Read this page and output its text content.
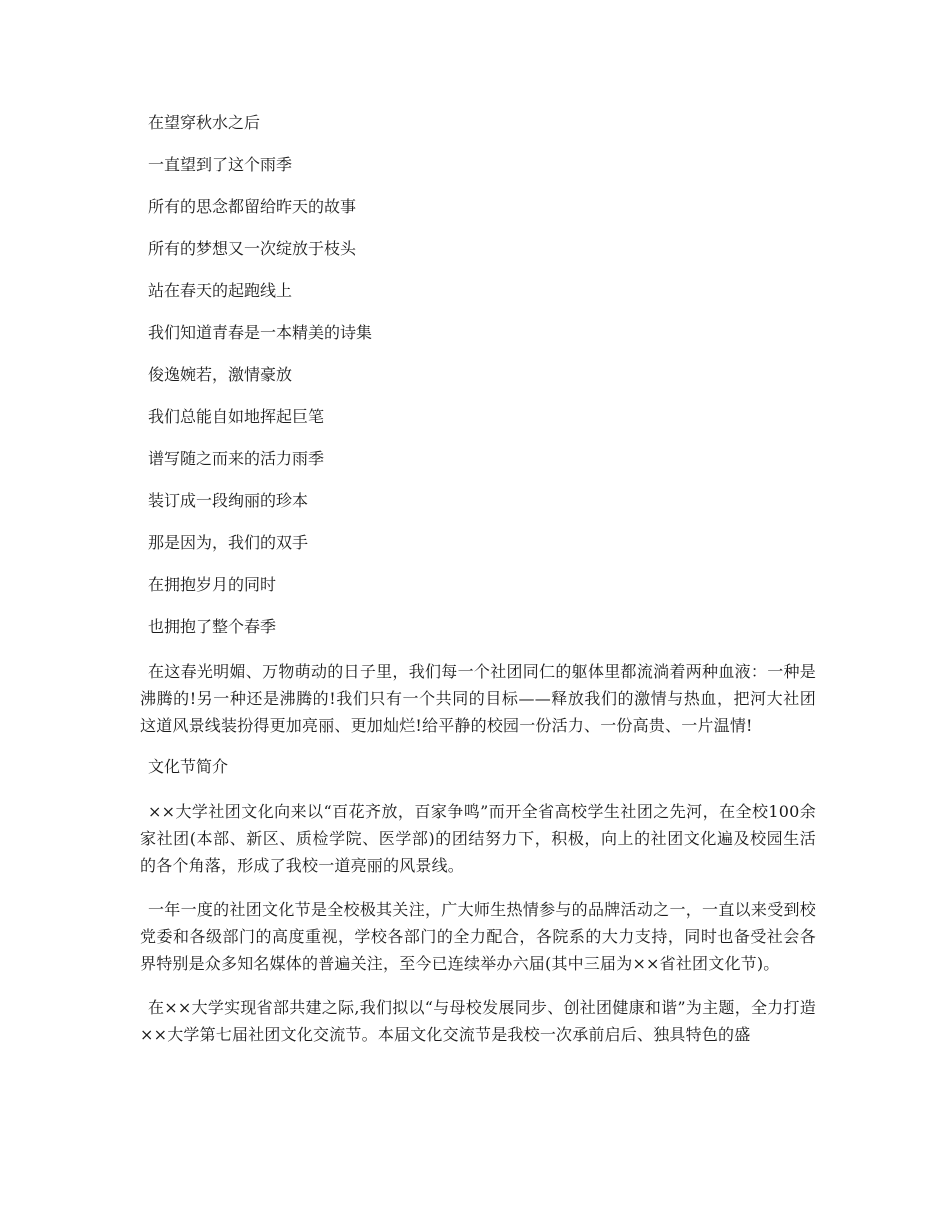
在望穿秋水之后
一直望到了这个雨季
所有的思念都留给昨天的故事
所有的梦想又一次绽放于枝头
站在春天的起跑线上
我们知道青春是一本精美的诗集
俊逸婉若，激情豪放
我们总能自如地挥起巨笔
谱写随之而来的活力雨季
装订成一段绚丽的珍本
那是因为，我们的双手
在拥抱岁月的同时
也拥抱了整个春季

在这春光明媚、万物萌动的日子里，我们每一个社团同仁的躯体里都流淌着两种血液：一种是沸腾的!另一种还是沸腾的!我们只有一个共同的目标——释放我们的激情与热血，把河大社团这道风景线装扮得更加亮丽、更加灿烂!给平静的校园一份活力、一份高贵、一片温情!

文化节简介

××大学社团文化向来以“百花齐放，百家争鸣”而开全省高校学生社团之先河，在全校100余家社团(本部、新区、质检学院、医学部)的团结努力下，积极，向上的社团文化遍及校园生活的各个角落，形成了我校一道亮丽的风景线。

一年一度的社团文化节是全校极其关注，广大师生热情参与的品牌活动之一，一直以来受到校党委和各级部门的高度重视，学校各部门的全力配合，各院系的大力支持，同时也备受社会各界特别是众多知名媒体的普遍关注，至今已连续举办六届(其中三届为××省社团文化节)。

在××大学实现省部共建之际,我们拟以“与母校发展同步、创社团健康和谐”为主题，全力打造××大学第七届社团文化交流节。本届文化交流节是我校一次承前启后、独具特色的盛
